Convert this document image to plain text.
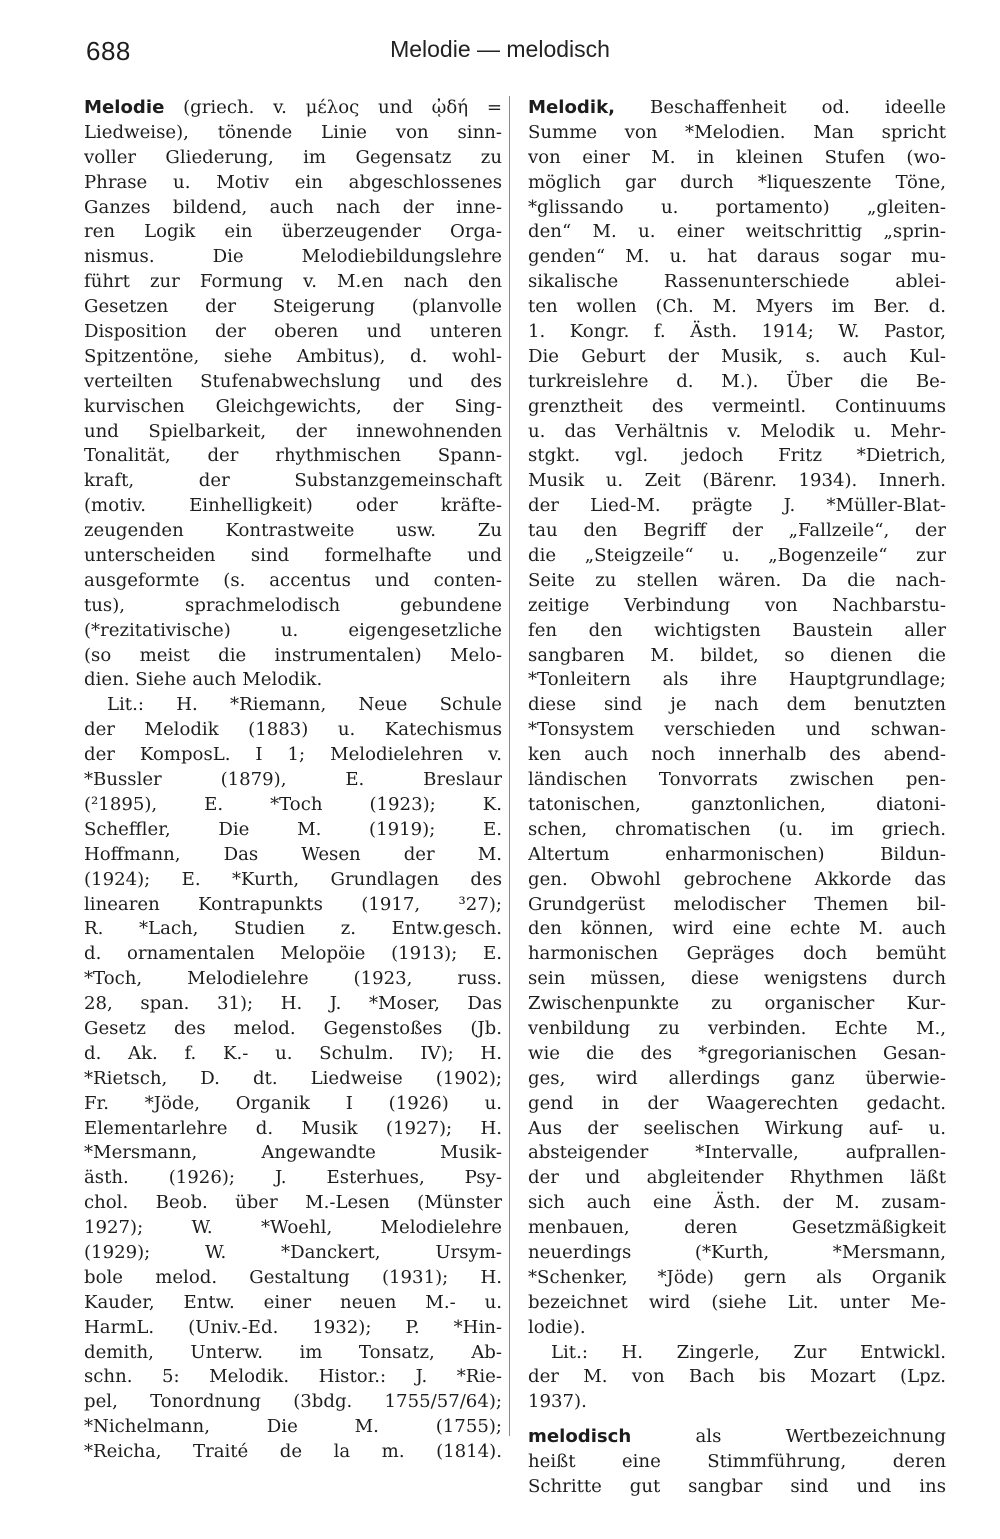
688	Melodie — melodisch
Melodie (griech. v. μέλος und ᾠδή =
Liedweise), tönende Linie von sinn-
voller Gliederung, im Gegensatz zu
Phrase u. Motiv ein abgeschlossenes
Ganzes bildend, auch nach der inne-
ren Logik ein überzeugender Orga-
nismus. Die Melodiebildungslehre
führt zur Formung v. M.en nach den
Gesetzen der Steigerung (planvolle
Disposition der oberen und unteren
Spitzentöne, siehe Ambitus), d. wohl-
verteilten Stufenabwechslung und des
kurvischen Gleichgewichts, der Sing-
und Spielbarkeit, der innewohnenden
Tonalität, der rhythmischen Spann-
kraft, der Substanzgemeinschaft
(motiv. Einhelligkeit) oder kräfte-
zeugenden Kontrastweite usw. Zu
unterscheiden sind formelhafte und
ausgeformte (s. accentus und conten-
tus), sprachmelodisch gebundene
(*rezitativische) u. eigengesetzliche
(so meist die instrumentalen) Melo-
dien. Siehe auch Melodik.
Lit.: H. *Riemann, Neue Schule
der Melodik (1883) u. Katechismus
der KomposL. I 1; Melodielehren v.
*Bussler (1879), E. Breslaur
(²1895), E. *Toch (1923); K.
Scheffler, Die M. (1919); E.
Hoffmann, Das Wesen der M.
(1924); E. *Kurth, Grundlagen des
linearen Kontrapunkts (1917, ³27);
R. *Lach, Studien z. Entw.gesch.
d. ornamentalen Melopöie (1913); E.
*Toch, Melodielehre (1923, russ.
28, span. 31); H. J. *Moser, Das
Gesetz des melod. Gegenstoßes (Jb.
d. Ak. f. K.- u. Schulm. IV); H.
*Rietsch, D. dt. Liedweise (1902);
Fr. *Jöde, Organik I (1926) u.
Elementarlehre d. Musik (1927); H.
*Mersmann, Angewandte Musik-
ästh. (1926); J. Esterhues, Psy-
chol. Beob. über M.-Lesen (Münster
1927); W. *Woehl, Melodielehre
(1929); W. *Danckert, Ursym-
bole melod. Gestaltung (1931); H.
Kauder, Entw. einer neuen M.- u.
HarmL. (Univ.-Ed. 1932); P. *Hin-
demith, Unterw. im Tonsatz, Ab-
schn. 5: Melodik. Histor.: J. *Rie-
pel, Tonordnung (3bdg. 1755/57/64);
*Nichelmann, Die M. (1755);
*Reicha, Traité de la m. (1814).
Melodik, Beschaffenheit od. ideelle
Summe von *Melodien. Man spricht
von einer M. in kleinen Stufen (wo-
möglich gar durch *liqueszente Töne,
*glissando u. portamento) „gleiten-
den“ M. u. einer weitschrittig „sprin-
genden“ M. u. hat daraus sogar mu-
sikalische Rassenunterschiede ablei-
ten wollen (Ch. M. Myers im Ber. d.
1. Kongr. f. Ästh. 1914; W. Pastor,
Die Geburt der Musik, s. auch Kul-
turkreislehre d. M.). Über die Be-
grenztheit des vermeintl. Continuums
u. das Verhältnis v. Melodik u. Mehr-
stgkt. vgl. jedoch Fritz *Dietrich,
Musik u. Zeit (Bärenr. 1934). Innerh.
der Lied-M. prägte J. *Müller-Blat-
tau den Begriff der „Fallzeile“, der
die „Steigzeile“ u. „Bogenzeile“ zur
Seite zu stellen wären. Da die nach-
zeitige Verbindung von Nachbarstu-
fen den wichtigsten Baustein aller
sangbaren M. bildet, so dienen die
*Tonleitern als ihre Hauptgrundlage;
diese sind je nach dem benutzten
*Tonsystem verschieden und schwan-
ken auch noch innerhalb des abend-
ländischen Tonvorrats zwischen pen-
tatonischen, ganztonlichen, diatoni-
schen, chromatischen (u. im griech.
Altertum enharmonischen) Bildun-
gen. Obwohl gebrochene Akkorde das
Grundgerüst melodischer Themen bil-
den können, wird eine echte M. auch
harmonischen Gepräges doch bemüht
sein müssen, diese wenigstens durch
Zwischenpunkte zu organischer Kur-
venbildung zu verbinden. Echte M.,
wie die des *gregorianischen Gesan-
ges, wird allerdings ganz überwie-
gend in der Waagerechten gedacht.
Aus der seelischen Wirkung auf- u.
absteigender *Intervalle, aufprallen-
der und abgleitender Rhythmen läßt
sich auch eine Ästh. der M. zusam-
menbauen, deren Gesetzmäßigkeit
neuerdings (*Kurth, *Mersmann,
*Schenker, *Jöde) gern als Organik
bezeichnet wird (siehe Lit. unter Me-
lodie).
Lit.: H. Zingerle, Zur Entwickl.
der M. von Bach bis Mozart (Lpz.
1937).
melodisch als Wertbezeichnung
heißt eine Stimmführung, deren
Schritte gut sangbar sind und ins
